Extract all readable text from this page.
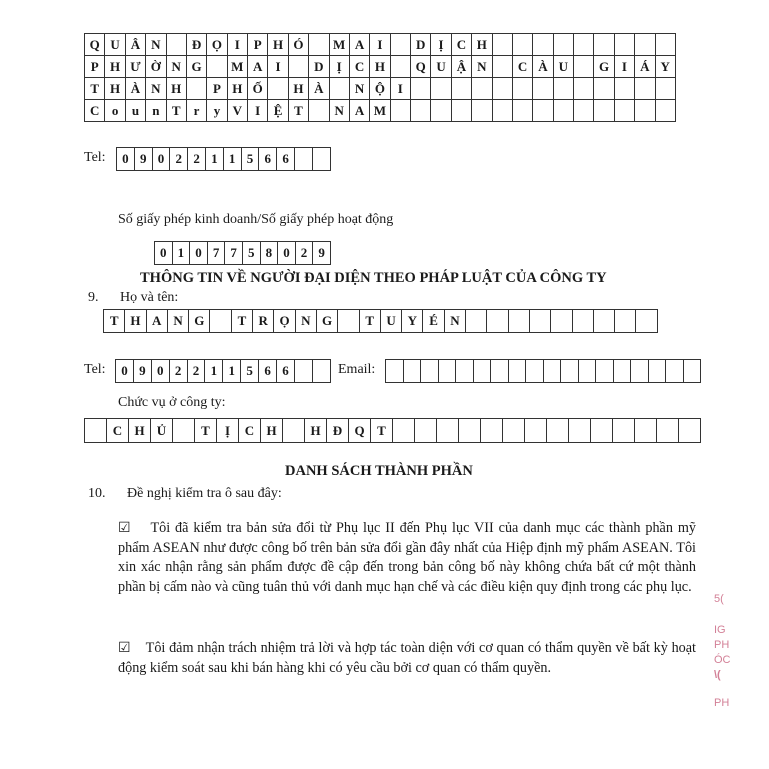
Q U Â N	Đ Ọ I	P H Ó	M A	I	D	Ị	C H
P H Ư Ờ N G	M A	I	D	Ị	C H	Q U Ậ N	C À U	G I	Á Y
T H À N H	P H Ố	H À	N Ộ I
C o	u	n T	r	y V	I	Ệ T	N A M
Tel:	0 9 0 2 2 1 1 5 6 6
Số giấy phép kinh doanh/Số giấy phép hoạt động
0 1 0 7 7 5 8 0 2 9
THÔNG TIN VỀ NGƯỜI ĐẠI DIỆN THEO PHÁP LUẬT CỦA CÔNG TY
9. Họ và tên:
T H A N G	T R Ọ N G	T U Y É N
Tel:	0 9 0 2 2 1 1 5 6 6	Email:
Chức vụ ở công ty:
C H Ủ	T	Ị	C H	H Đ Q T
DANH SÁCH THÀNH PHẦN
10. Đề nghị kiểm tra ô sau đây:
☑ Tôi đã kiểm tra bản sửa đổi từ Phụ lục II đến Phụ lục VII của danh mục các thành phần mỹ phẩm ASEAN như được công bố trên bản sửa đổi gần đây nhất của Hiệp định mỹ phẩm ASEAN. Tôi xin xác nhận rằng sản phẩm được đề cập đến trong bản công bố này không chứa bất cứ một thành phần bị cấm nào và cũng tuân thủ với danh mục hạn chế và các điều kiện quy định trong các phụ lục.
☑ Tôi đảm nhận trách nhiệm trả lời và hợp tác toàn diện với cơ quan có thẩm quyền về bất kỳ hoạt động kiểm soát sau khi bán hàng khi có yêu cầu bởi cơ quan có thẩm quyền.
5(
IG
PH
ÓC
\(
PH
